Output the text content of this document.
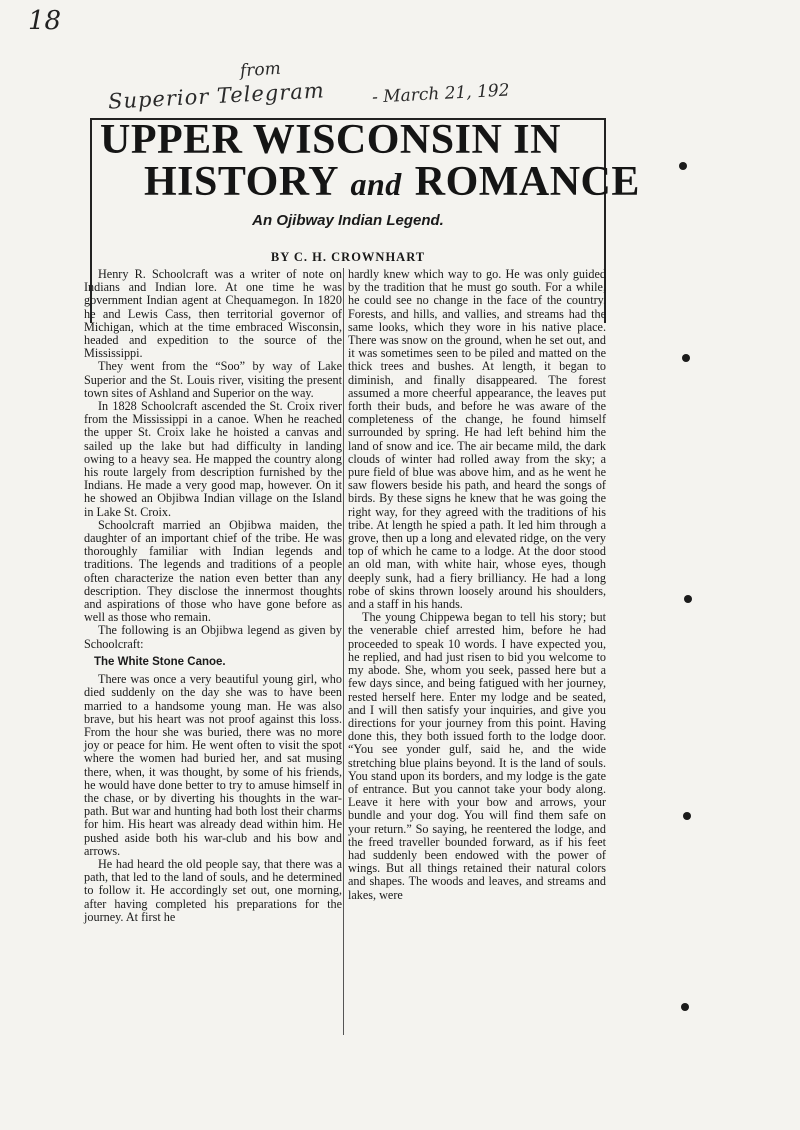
18
from
Superior Telegram	- March 21, 192
UPPER WISCONSIN IN
HISTORY and ROMANCE
An Ojibway Indian Legend.
BY C. H. CROWNHART

Henry R. Schoolcraft was a writer of note on Indians and Indian lore. At one time he was government Indian agent at Chequamegon. In 1820 he and Lewis Cass, then territorial governor of Michigan, which at the time embraced Wisconsin, headed and expedition to the source of the Mississippi.

They went from the “Soo” by way of Lake Superior and the St. Louis river, visiting the present town sites of Ashland and Superior on the way.

In 1828 Schoolcraft ascended the St. Croix river from the Mississippi in a canoe. When he reached the upper St. Croix lake he hoisted a canvas and sailed up the lake but had difficulty in landing owing to a heavy sea. He mapped the country along his route largely from description furnished by the Indians. He made a very good map, however. On it he showed an Objibwa Indian village on the Island in Lake St. Croix.

Schoolcraft married an Objibwa maiden, the daughter of an important chief of the tribe. He was thoroughly familiar with Indian legends and traditions. The legends and traditions of a people often characterize the nation even better than any description. They disclose the innermost thoughts and aspirations of those who have gone before as well as those who remain.

The following is an Objibwa legend as given by Schoolcraft:

The White Stone Canoe.

There was once a very beautiful young girl, who died suddenly on the day she was to have been married to a handsome young man. He was also brave, but his heart was not proof against this loss. From the hour she was buried, there was no more joy or peace for him. He went often to visit the spot where the women had buried her, and sat musing there, when, it was thought, by some of his friends, he would have done better to try to amuse himself in the chase, or by diverting his thoughts in the war-path. But war and hunting had both lost their charms for him. His heart was already dead within him. He pushed aside both his war-club and his bow and arrows.

He had heard the old people say, that there was a path, that led to the land of souls, and he determined to follow it. He accordingly set out, one morning, after having completed his preparations for the journey. At first he

hardly knew which way to go. He was only guided by the tradition that he must go south. For a while, he could see no change in the face of the country. Forests, and hills, and vallies, and streams had the same looks, which they wore in his native place. There was snow on the ground, when he set out, and it was sometimes seen to be piled and matted on the thick trees and bushes. At length, it began to diminish, and finally disappeared. The forest assumed a more cheerful appearance, the leaves put forth their buds, and before he was aware of the completeness of the change, he found himself surrounded by spring. He had left behind him the land of snow and ice. The air became mild, the dark clouds of winter had rolled away from the sky; a pure field of blue was above him, and as he went he saw flowers beside his path, and heard the songs of birds. By these signs he knew that he was going the right way, for they agreed with the traditions of his tribe. At length he spied a path. It led him through a grove, then up a long and elevated ridge, on the very top of which he came to a lodge. At the door stood an old man, with white hair, whose eyes, though deeply sunk, had a fiery brilliancy. He had a long robe of skins thrown loosely around his shoulders, and a staff in his hands.

The young Chippewa began to tell his story; but the venerable chief arrested him, before he had proceeded to speak 10 words. I have expected you, he replied, and had just risen to bid you welcome to my abode. She, whom you seek, passed here but a few days since, and being fatigued with her journey, rested herself here. Enter my lodge and be seated, and I will then satisfy your inquiries, and give you directions for your journey from this point. Having done this, they both issued forth to the lodge door. “You see yonder gulf, said he, and the wide stretching blue plains beyond. It is the land of souls. You stand upon its borders, and my lodge is the gate of entrance. But you cannot take your body along. Leave it here with your bow and arrows, your bundle and your dog. You will find them safe on your return.” So saying, he reentered the lodge, and the freed traveller bounded forward, as if his feet had suddenly been endowed with the power of wings. But all things retained their natural colors and shapes. The woods and leaves, and streams and lakes, were
